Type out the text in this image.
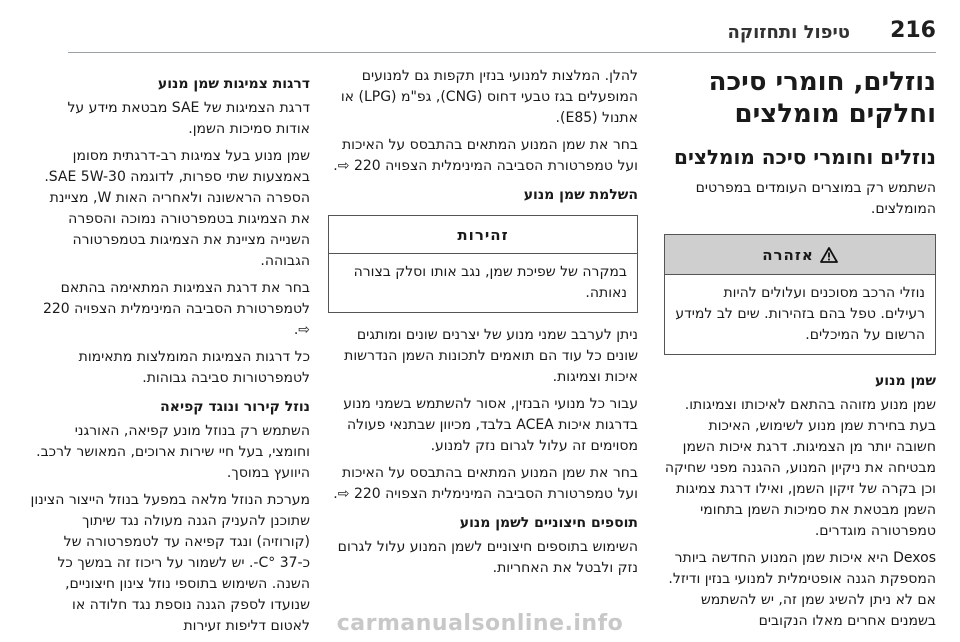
216
טיפול ותחזוקה
נוזלים, חומרי סיכה וחלקים מומלצים
נוזלים וחומרי סיכה מומלצים

השתמש רק במוצרים העומדים במפרטים המומלצים.

אזהרה
נוזלי הרכב מסוכנים ועלולים להיות רעילים. טפל בהם בזהירות. שים לב למידע הרשום על המיכלים.
שמן מנוע

שמן מנוע מזוהה בהתאם לאיכותו וצמיגותו. בעת בחירת שמן מנוע לשימוש, האיכות חשובה יותר מן הצמיגות. דרגת איכות השמן מבטיחה את ניקיון המנוע, ההגנה מפני שחיקה וכן בקרה של זיקון השמן, ואילו דרגת צמיגות השמן מבטאת את סמיכות השמן בתחומי טמפרטורה מוגדרים.

Dexos היא איכות שמן המנוע החדשה ביותר המספקת הגנה אופטימלית למנועי בנזין ודיזל. אם לא ניתן להשיג שמן זה, יש להשתמש בשמנים אחרים מאלו הנקובים

להלן. המלצות למנועי בנזין תקפות גם למנועים המופעלים בגז טבעי דחוס (CNG), גפ"מ (LPG) או אתנול (E85).

בחר את שמן המנוע המתאים בהתבסס על האיכות ועל טמפרטורת הסביבה המינימלית הצפויה 220 ⇨.

השלמת שמן מנוע
זהירות
במקרה של שפיכת שמן, נגב אותו וסלק בצורה נאותה.

ניתן לערבב שמני מנוע של יצרנים שונים ומותגים שונים כל עוד הם תואמים לתכונות השמן הנדרשות איכות וצמיגות.

עבור כל מנועי הבנזין, אסור להשתמש בשמני מנוע בדרגות איכות ACEA בלבד, מכיוון שבתנאי פעולה מסוימים זה עלול לגרום נזק למנוע.

בחר את שמן המנוע המתאים בהתבסס על האיכות ועל טמפרטורת הסביבה המינימלית הצפויה 220 ⇨.

תוספים חיצוניים לשמן מנוע

השימוש בתוספים חיצוניים לשמן המנוע עלול לגרום נזק ולבטל את האחריות.

דרגות צמיגות שמן מנוע

דרגת הצמיגות של SAE מבטאת מידע על אודות סמיכות השמן.

שמן מנוע בעל צמיגות רב-דרגתית מסומן באמצעות שתי ספרות, לדוגמה SAE 5W-30. הספרה הראשונה ולאחריה האות W, מציינת את הצמיגות בטמפרטורה נמוכה והספרה השנייה מציינת את הצמיגות בטמפרטורה הגבוהה.

בחר את דרגת הצמיגות המתאימה בהתאם לטמפרטורת הסביבה המינימלית הצפויה 220 ⇨.

כל דרגות הצמיגות המומלצות מתאימות לטמפרטורות סביבה גבוהות.

נוזל קירור ונוגד קפיאה

השתמש רק בנוזל מונע קפיאה, האורגני וחומצי, בעל חיי שירות ארוכים, המאושר לרכב. היוועץ במוסך.

מערכת הנוזל מלאה במפעל בנוזל הייצור הצינון שתוכנן להעניק הגנה מעולה נגד שיתוך (קורוזיה) ונגד קפיאה עד לטמפרטורה של כ-37 °C-. יש לשמור על ריכוז זה במשך כל השנה. השימוש בתוספי נוזל צינון חיצוניים, שנועדו לספק הגנה נוספת נגד חלודה או לאטום דליפות זעירות	carmanualsonline.info
